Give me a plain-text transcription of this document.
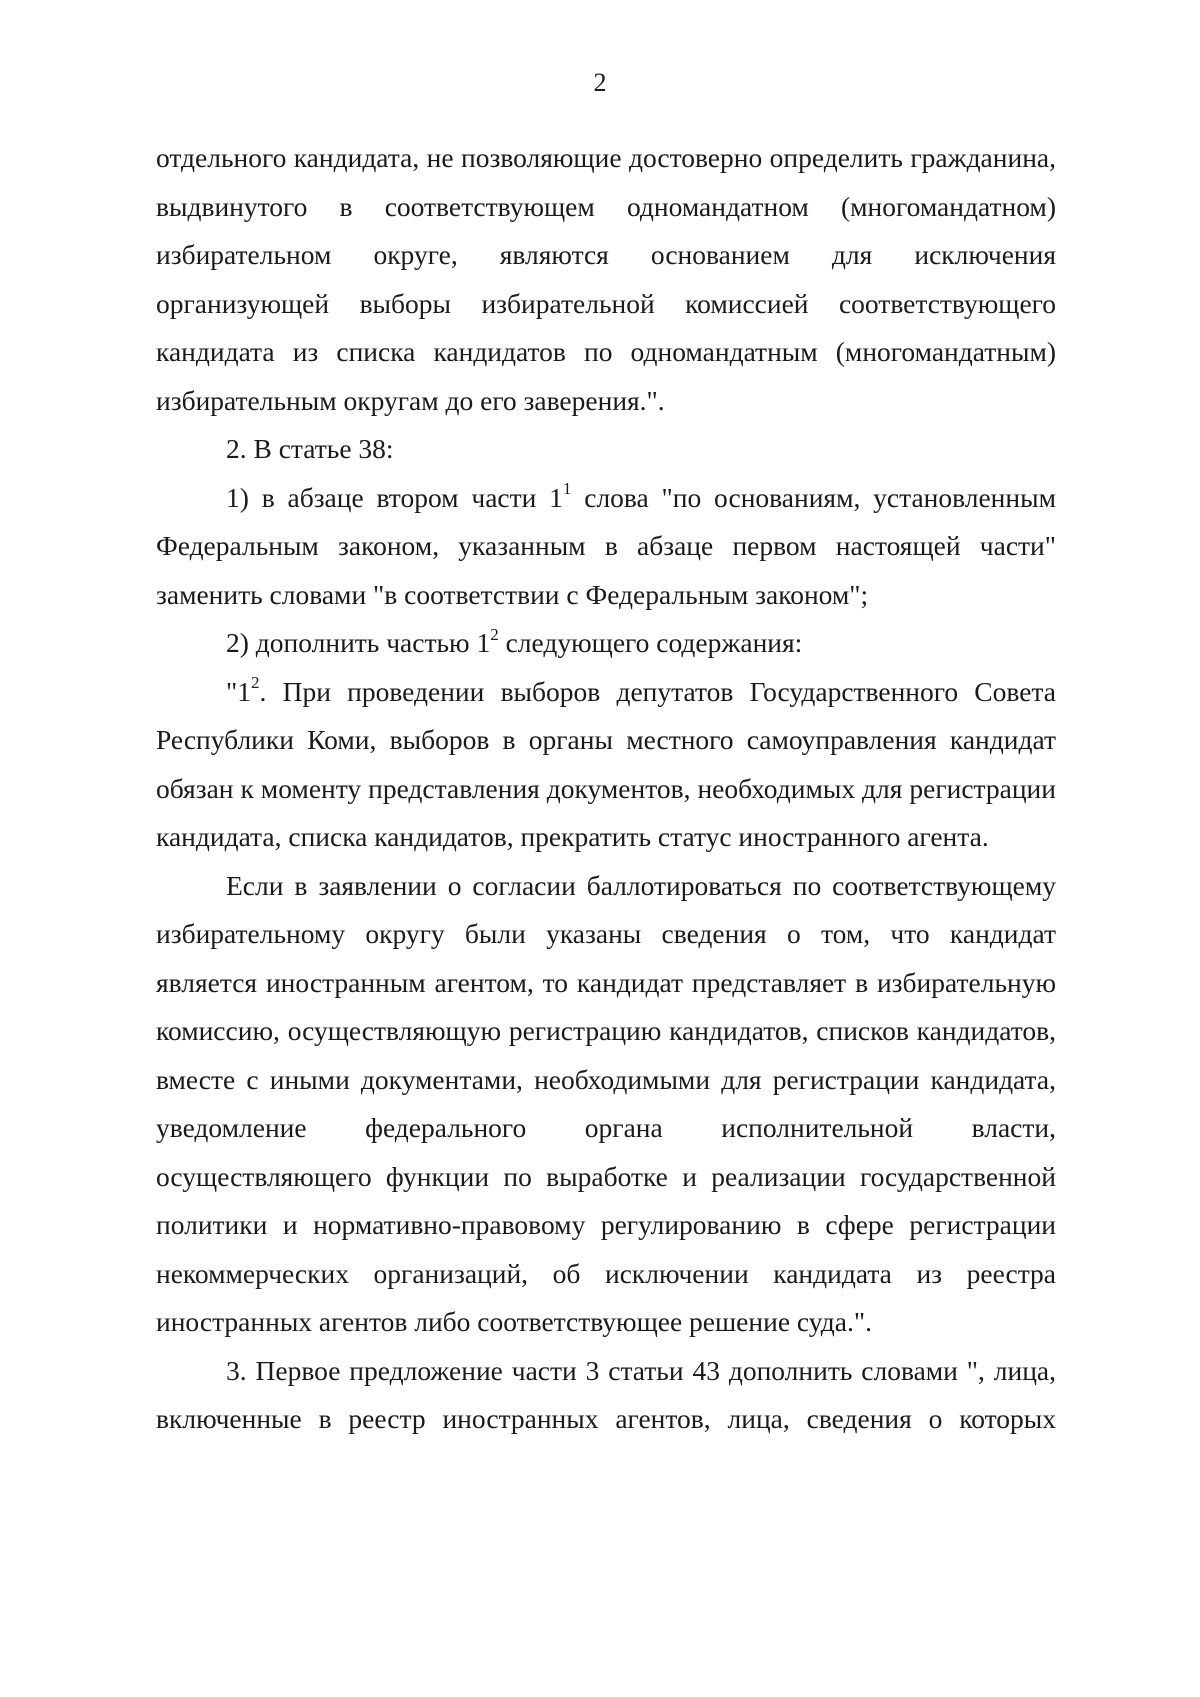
2

отдельного кандидата, не позволяющие достоверно определить гражданина, выдвинутого в соответствующем одномандатном (многомандатном) избирательном округе, являются основанием для исключения организующей выборы избирательной комиссией соответствующего кандидата из списка кандидатов по одномандатным (многомандатным) избирательным округам до его заверения.".

2. В статье 38:

1) в абзаце втором части $1^1$ слова "по основаниям, установленным Федеральным законом, указанным в абзаце первом настоящей части" заменить словами "в соответствии с Федеральным законом";

2) дополнить частью $1^2$ следующего содержания:

"$1^2$. При проведении выборов депутатов Государственного Совета Республики Коми, выборов в органы местного самоуправления кандидат обязан к моменту представления документов, необходимых для регистрации кандидата, списка кандидатов, прекратить статус иностранного агента.

Если в заявлении о согласии баллотироваться по соответствующему избирательному округу были указаны сведения о том, что кандидат является иностранным агентом, то кандидат представляет в избирательную комиссию, осуществляющую регистрацию кандидатов, списков кандидатов, вместе с иными документами, необходимыми для регистрации кандидата, уведомление федерального органа исполнительной власти, осуществляющего функции по выработке и реализации государственной политики и нормативно-правовому регулированию в сфере регистрации некоммерческих организаций, об исключении кандидата из реестра иностранных агентов либо соответствующее решение суда.".

3. Первое предложение части 3 статьи 43 дополнить словами ", лица, включенные в реестр иностранных агентов, лица, сведения о которых
